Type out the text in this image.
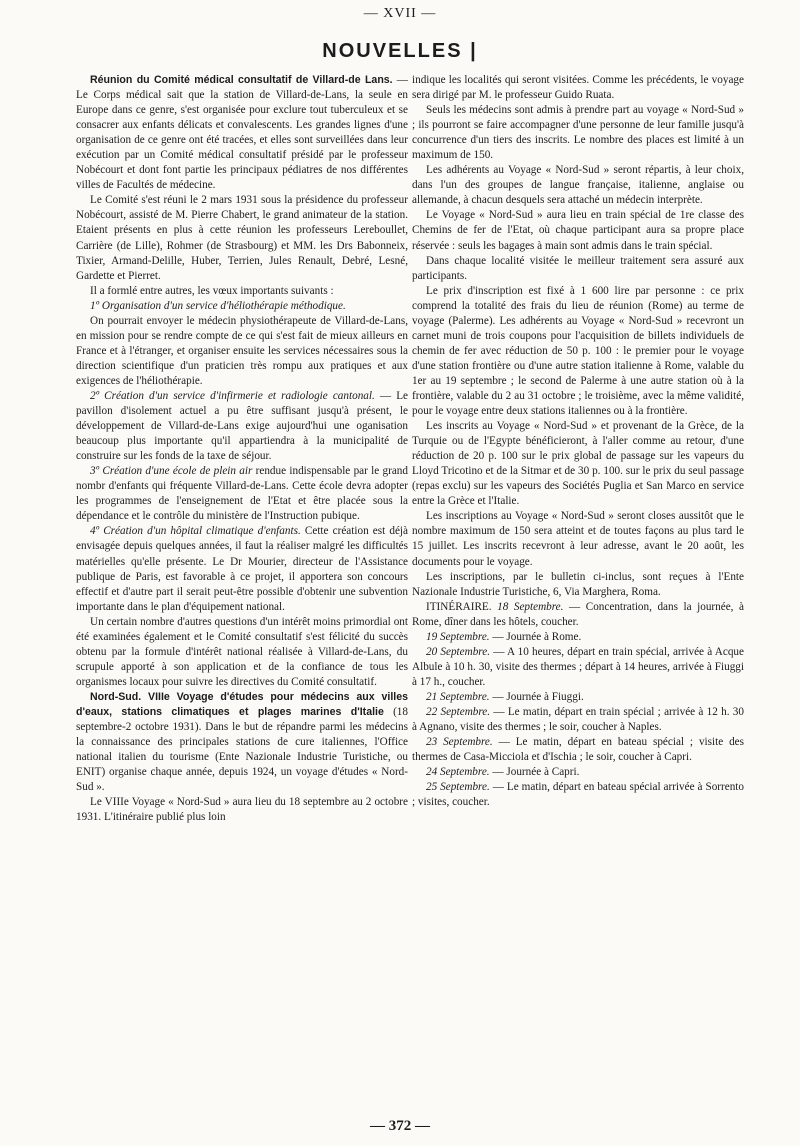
— XVII —
NOUVELLES |

Réunion du Comité médical consultatif de Villard-de Lans. — Le Corps médical sait que la station de Villard-de-Lans, la seule en Europe dans ce genre, s'est organisée pour exclure tout tuberculeux et se consacrer aux enfants délicats et convalescents. Les grandes lignes d'une organisation de ce genre ont été tracées, et elles sont surveillées dans leur exécution par un Comité médical consultatif présidé par le professeur Nobécourt et dont font partie les principaux pédiatres de nos différentes villes de Facultés de médecine.

Le Comité s'est réuni le 2 mars 1931 sous la présidence du professeur Nobécourt, assisté de M. Pierre Chabert, le grand animateur de la station. Etaient présents en plus à cette réunion les professeurs Lereboullet, Carrière (de Lille), Rohmer (de Strasbourg) et MM. les Drs Babonneix, Tixier, Armand-Delille, Huber, Terrien, Jules Renault, Debré, Lesné, Gardette et Pierret.

Il a formlé entre autres, les vœux importants suivants :

1º Organisation d'un service d'héliothérapie méthodique.

On pourrait envoyer le médecin physiothérapeute de Villard-de-Lans, en mission pour se rendre compte de ce qui s'est fait de mieux ailleurs en France et à l'étranger, et organiser ensuite les services nécessaires sous la direction scientifique d'un praticien très rompu aux pratiques et aux exigences de l'héliothérapie.

2º Création d'un service d'infirmerie et radiologie cantonal. — Le pavillon d'isolement actuel a pu être suffisant jusqu'à présent, le développement de Villard-de-Lans exige aujourd'hui une oganisation beaucoup plus importante qu'il appartiendra à la municipalité de construire sur les fonds de la taxe de séjour.

3º Création d'une école de plein air rendue indispensable par le grand nombr d'enfants qui fréquente Villard-de-Lans. Cette école devra adopter les programmes de l'enseignement de l'Etat et être placée sous la dépendance et le contrôle du ministère de l'Instruction pubique.

4º Création d'un hôpital climatique d'enfants. Cette création est déjà envisagée depuis quelques années, il faut la réaliser malgré les difficultés matérielles qu'elle présente. Le Dr Mourier, directeur de l'Assistance publique de Paris, est favorable à ce projet, il apportera son concours effectif et d'autre part il serait peut-être possible d'obtenir une subvention importante dans le plan d'équipement national.

Un certain nombre d'autres questions d'un intérêt moins primordial ont été examinées également et le Comité consultatif s'est félicité du succès obtenu par la formule d'intérêt national réalisée à Villard-de-Lans, du scrupule apporté à son application et de la confiance de tous les organismes locaux pour suivre les directives du Comité consultatif.

Nord-Sud. VIIIe Voyage d'études pour médecins aux villes d'eaux, stations climatiques et plages marines d'Italie (18 septembre-2 octobre 1931). Dans le but de répandre parmi les médecins la connaissance des principales stations de cure italiennes, l'Office national italien du tourisme (Ente Nazionale Industrie Turistiche, ou ENIT) organise chaque année, depuis 1924, un voyage d'études « Nord-Sud ».

Le VIIIe Voyage « Nord-Sud » aura lieu du 18 septembre au 2 octobre 1931. L'itinéraire publié plus loin

indique les localités qui seront visitées. Comme les précédents, le voyage sera dirigé par M. le professeur Guido Ruata.

Seuls les médecins sont admis à prendre part au voyage « Nord-Sud » ; ils pourront se faire accompagner d'une personne de leur famille jusqu'à concurrence d'un tiers des inscrits. Le nombre des places est limité à un maximum de 150.

Les adhérents au Voyage « Nord-Sud » seront répartis, à leur choix, dans l'un des groupes de langue française, italienne, anglaise ou allemande, à chacun desquels sera attaché un médecin interprète.

Le Voyage « Nord-Sud » aura lieu en train spécial de 1re classe des Chemins de fer de l'Etat, où chaque participant aura sa propre place réservée : seuls les bagages à main sont admis dans le train spécial.

Dans chaque localité visitée le meilleur traitement sera assuré aux participants.

Le prix d'inscription est fixé à 1 600 lire par personne : ce prix comprend la totalité des frais du lieu de réunion (Rome) au terme de voyage (Palerme). Les adhérents au Voyage « Nord-Sud » recevront un carnet muni de trois coupons pour l'acquisition de billets individuels de chemin de fer avec réduction de 50 p. 100 : le premier pour le voyage d'une station frontière ou d'une autre station italienne à Rome, valable du 1er au 19 septembre ; le second de Palerme à une autre station où à la frontière, valable du 2 au 31 octobre ; le troisième, avec la même validité, pour le voyage entre deux stations italiennes ou à la frontière.

Les inscrits au Voyage « Nord-Sud » et provenant de la Grèce, de la Turquie ou de l'Egypte bénéficieront, à l'aller comme au retour, d'une réduction de 20 p. 100 sur le prix global de passage sur les vapeurs du Lloyd Tricotino et de la Sitmar et de 30 p. 100. sur le prix du seul passage (repas exclu) sur les vapeurs des Sociétés Puglia et San Marco en service entre la Grèce et l'Italie.

Les inscriptions au Voyage « Nord-Sud » seront closes aussitôt que le nombre maximum de 150 sera atteint et de toutes façons au plus tard le 15 juillet. Les inscrits recevront à leur adresse, avant le 20 août, les documents pour le voyage.

Les inscriptions, par le bulletin ci-inclus, sont reçues à l'Ente Nazionale Industrie Turistiche, 6, Via Marghera, Roma.

ITINÉRAIRE. 18 Septembre. — Concentration, dans la journée, à Rome, dîner dans les hôtels, coucher.

19 Septembre. — Journée à Rome.

20 Septembre. — A 10 heures, départ en train spécial, arrivée à Acque Albule à 10 h. 30, visite des thermes ; départ à 14 heures, arrivée à Fiuggi à 17 h., coucher.

21 Septembre. — Journée à Fiuggi.

22 Septembre. — Le matin, départ en train spécial ; arrivée à 12 h. 30 à Agnano, visite des thermes ; le soir, coucher à Naples.

23 Septembre. — Le matin, départ en bateau spécial ; visite des thermes de Casa-Micciola et d'Ischia ; le soir, coucher à Capri.

24 Septembre. — Journée à Capri.

25 Septembre. — Le matin, départ en bateau spécial arrivée à Sorrento ; visites, coucher.

— 372 —
